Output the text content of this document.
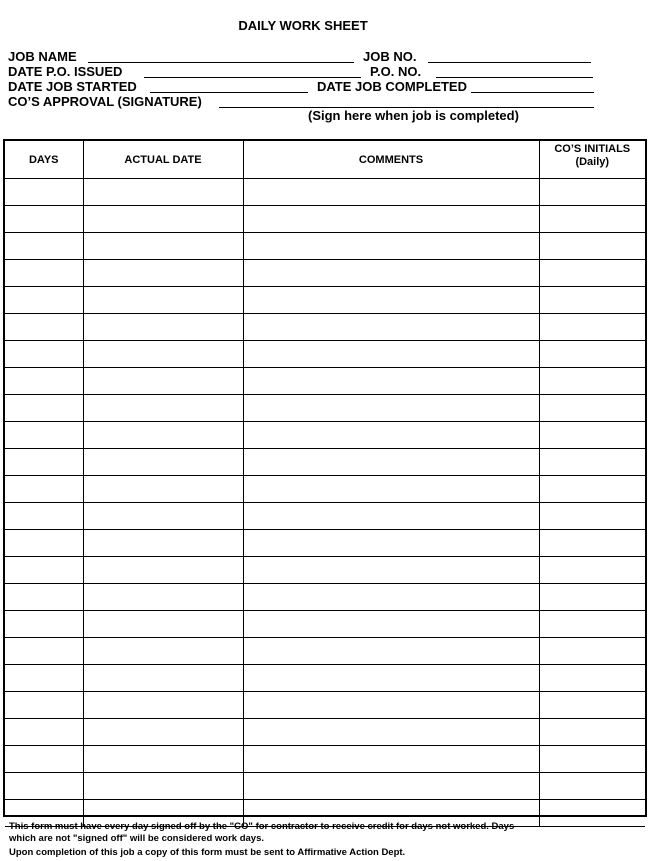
DAILY WORK SHEET
JOB NAME	JOB NO.
DATE P.O. ISSUED	P.O. NO.
DATE JOB STARTED	DATE JOB COMPLETED
CO’S APPROVAL (SIGNATURE)
(Sign here when job is completed)
DAYS	ACTUAL DATE	COMMENTS	CO’S INITIALS
(Daily)

This form must have every day signed off by the "CO" for contractor to receive credit for days not worked. Days
which are not "signed off" will be considered work days.
Upon completion of this job a copy of this form must be sent to Affirmative Action Dept.
